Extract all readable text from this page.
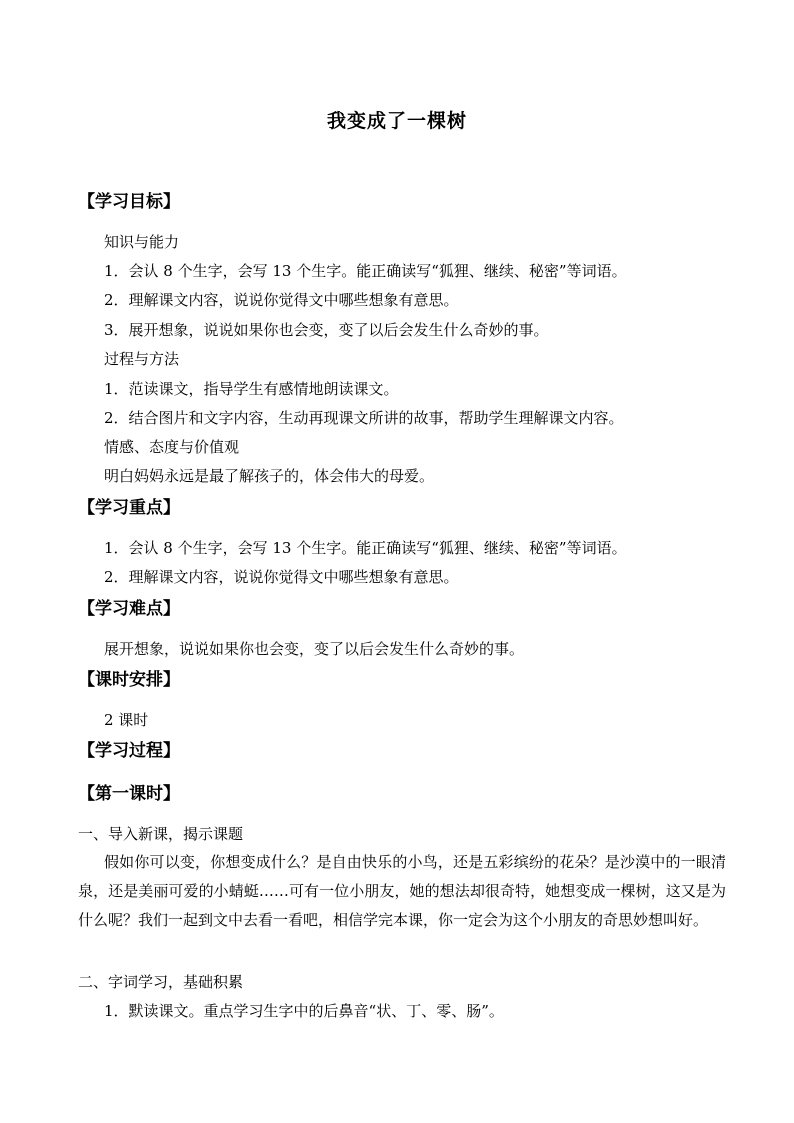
我变成了一棵树
【学习目标】
知识与能力
1．会认 8 个生字，会写 13 个生字。能正确读写“狐狸、继续、秘密”等词语。
2．理解课文内容，说说你觉得文中哪些想象有意思。
3．展开想象，说说如果你也会变，变了以后会发生什么奇妙的事。
过程与方法
1．范读课文，指导学生有感情地朗读课文。
2．结合图片和文字内容，生动再现课文所讲的故事，帮助学生理解课文内容。
情感、态度与价值观
明白妈妈永远是最了解孩子的，体会伟大的母爱。
【学习重点】
1．会认 8 个生字，会写 13 个生字。能正确读写“狐狸、继续、秘密”等词语。
2．理解课文内容，说说你觉得文中哪些想象有意思。
【学习难点】
展开想象，说说如果你也会变，变了以后会发生什么奇妙的事。
【课时安排】
2 课时
【学习过程】
【第一课时】
一、导入新课，揭示课题
假如你可以变，你想变成什么？是自由快乐的小鸟，还是五彩缤纷的花朵？是沙漠中的一眼清泉，还是美丽可爱的小蜻蜓……可有一位小朋友，她的想法却很奇特，她想变成一棵树，这又是为什么呢？我们一起到文中去看一看吧，相信学完本课，你一定会为这个小朋友的奇思妙想叫好。
二、字词学习，基础积累
1．默读课文。重点学习生字中的后鼻音“状、丁、零、肠”。
